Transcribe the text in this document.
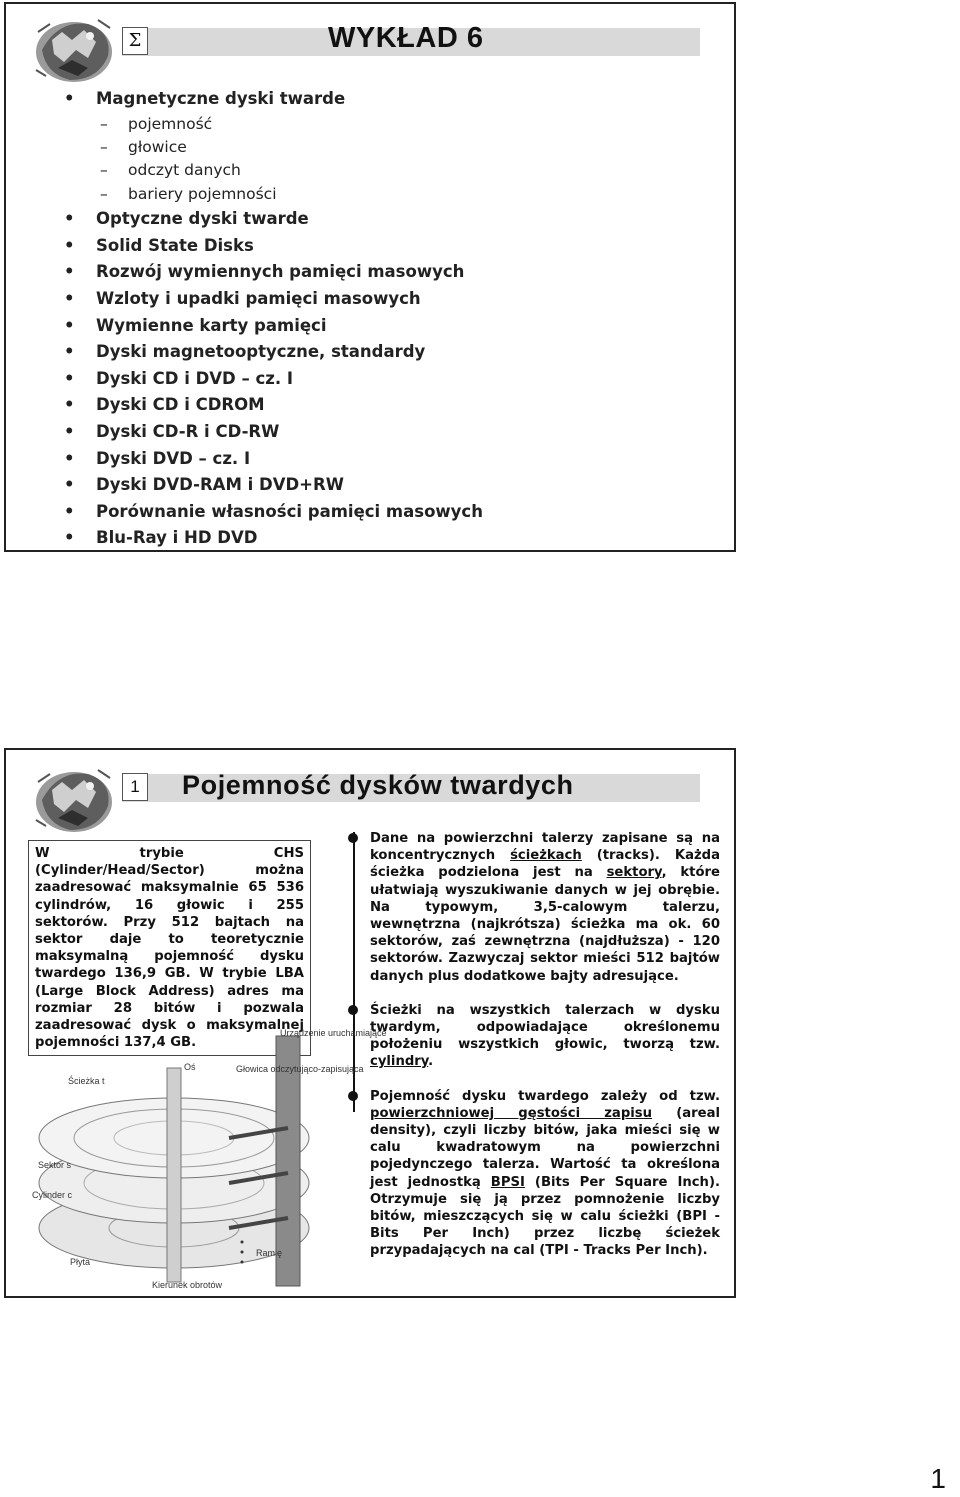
Σ	WYKŁAD 6
• Magnetyczne dyski twarde
– pojemność
– głowice
– odczyt danych
– bariery pojemności
• Optyczne dyski twarde
• Solid State Disks
• Rozwój wymiennych pamięci masowych
• Wzloty i upadki pamięci masowych
• Wymienne karty pamięci
• Dyski magnetooptyczne, standardy
• Dyski CD i DVD – cz. I
• Dyski CD i CDROM
• Dyski CD-R i CD-RW
• Dyski DVD – cz. I
• Dyski DVD-RAM i DVD+RW
• Porównanie własności pamięci masowych
• Blu-Ray i HD DVD
1	Pojemność dysków twardych
W trybie CHS (Cylinder/Head/Sector) można zaadresować maksymalnie 65 536 cylindrów, 16 głowic i 255 sektorów. Przy 512 bajtach na sektor daje to teoretycznie maksymalną pojemność dysku twardego 136,9 GB. W trybie LBA (Large Block Address) adres ma rozmiar 28 bitów i pozwala zaadresować dysk o maksymalnej pojemności 137,4 GB.
Dane na powierzchni talerzy zapisane są na koncentrycznych ścieżkach (tracks). Każda ścieżka podzielona jest na sektory, które ułatwiają wyszukiwanie danych w jej obrębie. Na typowym, 3,5-calowym talerzu, wewnętrzna (najkrótsza) ścieżka ma ok. 60 sektorów, zaś zewnętrzna (najdłuższa) - 120 sektorów. Zazwyczaj sektor mieści 512 bajtów danych plus dodatkowe bajty adresujące.
Ścieżki na wszystkich talerzach w dysku twardym, odpowiadające określonemu położeniu wszystkich głowic, tworzą tzw. cylindry.
Pojemność dysku twardego zależy od tzw. powierzchniowej gęstości zapisu (areal density), czyli liczby bitów, jaka mieści się w calu kwadratowym na powierzchni pojedynczego talerza. Wartość ta określona jest jednostką BPSI (Bits Per Square Inch). Otrzymuje się ją przez pomnożenie liczby bitów, mieszczących się w calu ścieżki (BPI - Bits Per Inch) przez liczbę ścieżek przypadających na cal (TPI - Tracks Per Inch).
Urządzenie uruchamiające
Głowica odczytująco-zapisująca
Oś
Ścieżka t
Sektor s
Cylinder c
Ramię
Płyta
Kierunek obrotów
1
